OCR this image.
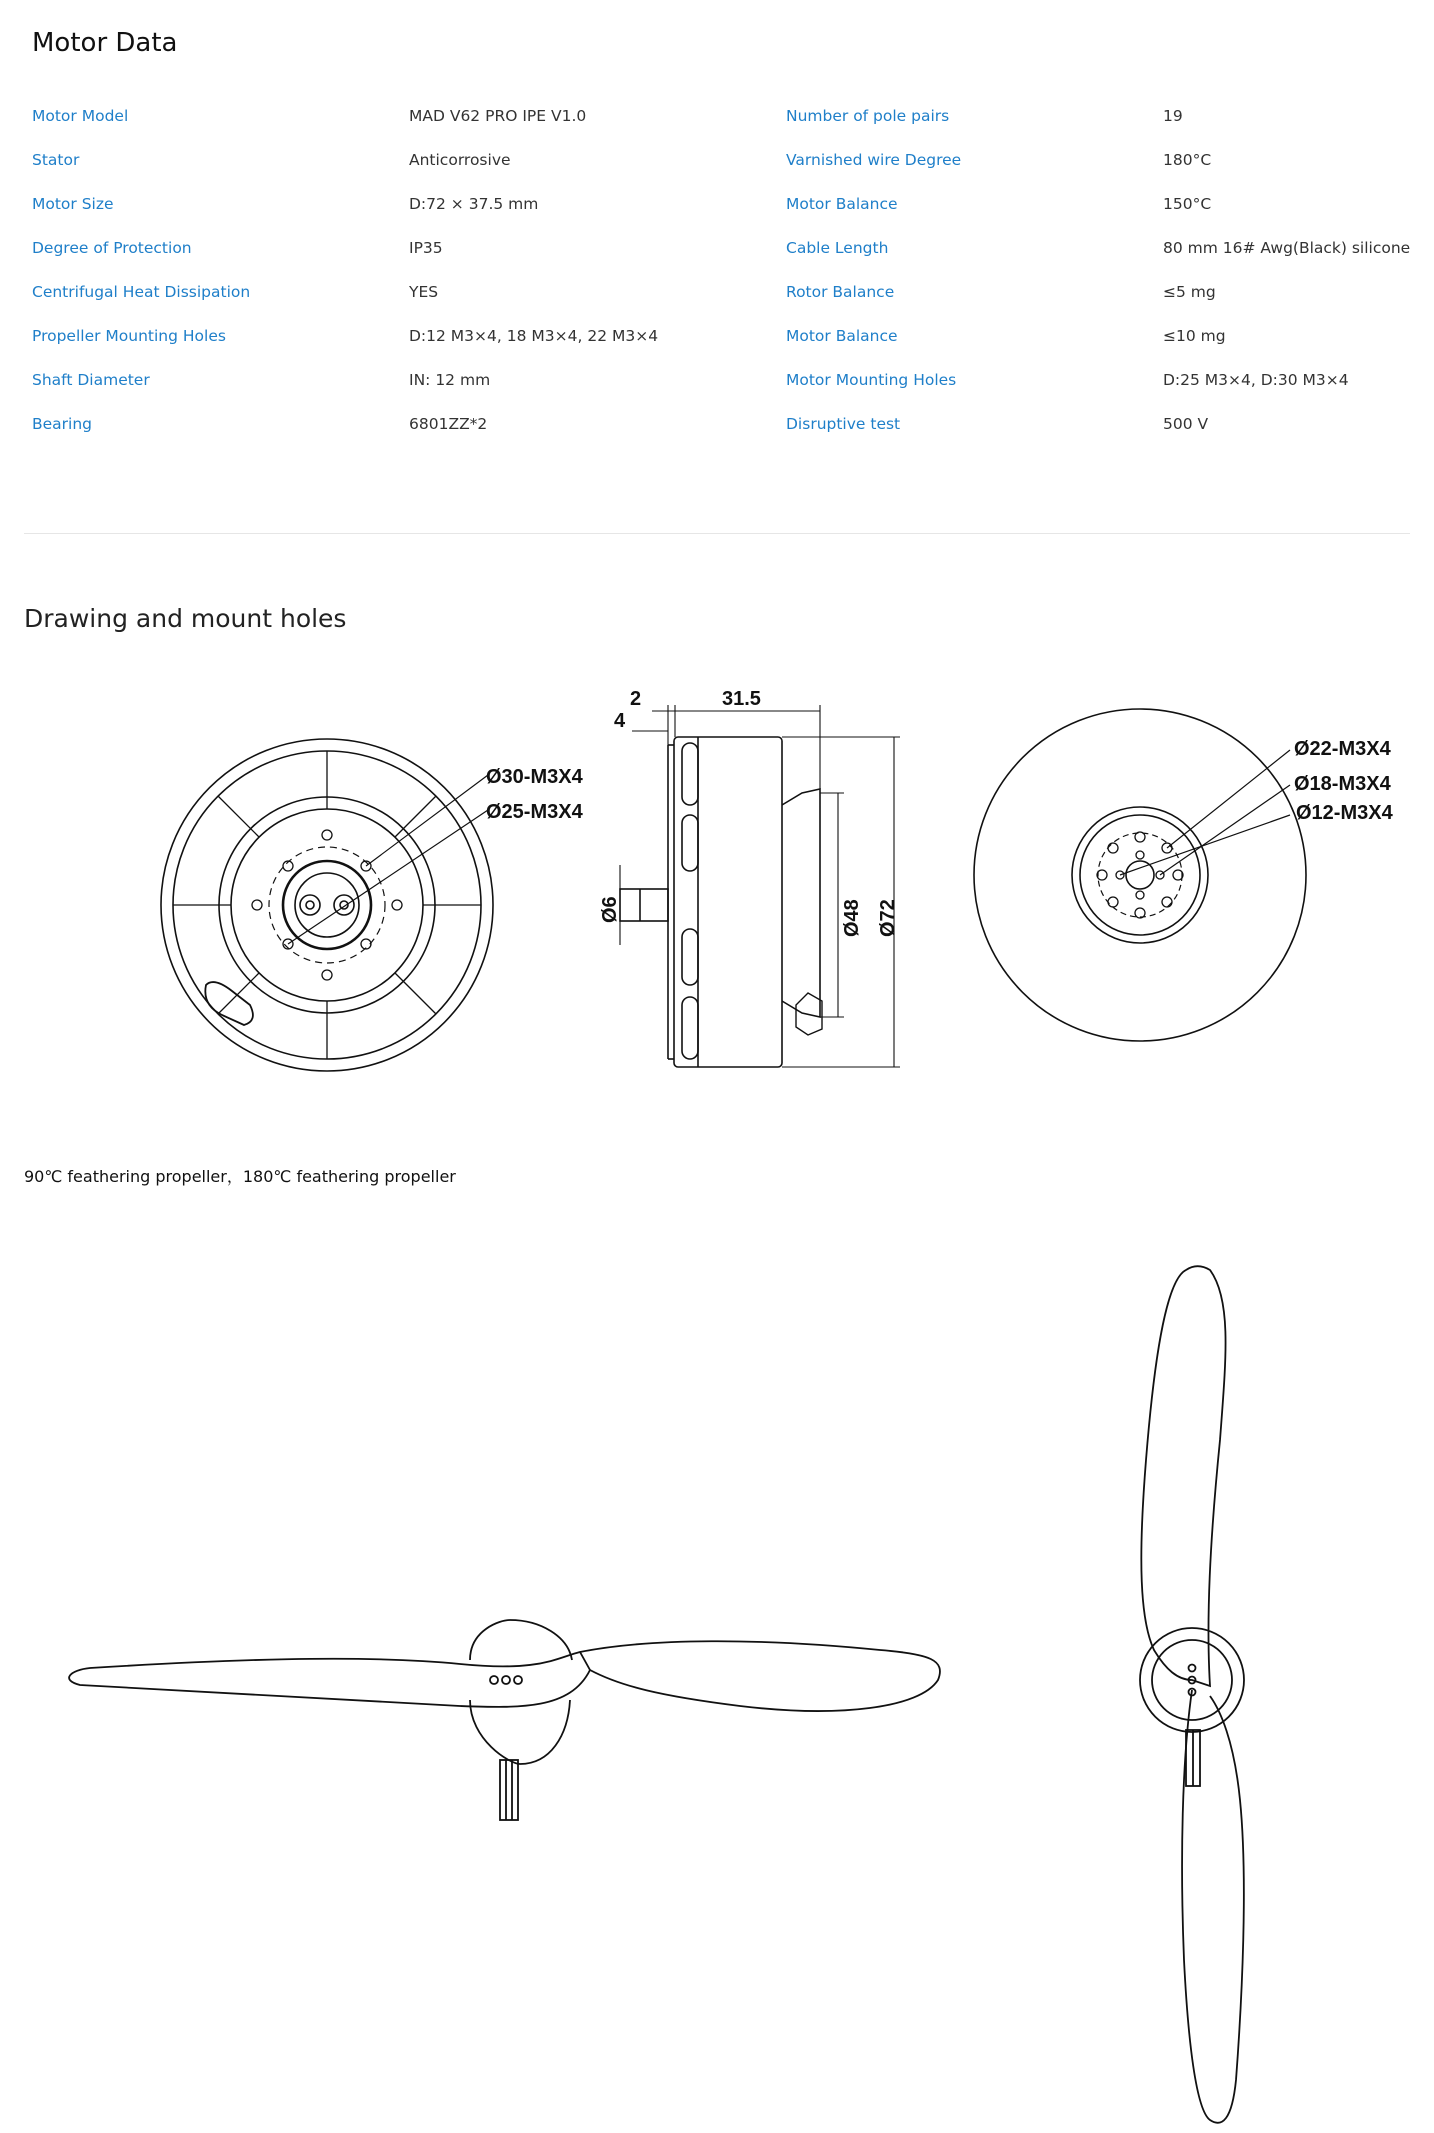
Motor Data
Motor Model	MAD V62 PRO IPE V1.0	Number of pole pairs	19
Stator	Anticorrosive	Varnished wire Degree	180°C
Motor Size	D:72 × 37.5 mm	Motor Balance	150°C
Degree of Protection	IP35	Cable Length	80 mm 16# Awg(Black) silicone
Centrifugal Heat Dissipation	YES	Rotor Balance	≤5 mg
Propeller Mounting Holes	D:12 M3×4, 18 M3×4, 22 M3×4	Motor Balance	≤10 mg
Shaft Diameter	IN: 12 mm	Motor Mounting Holes	D:25 M3×4, D:30 M3×4
Bearing	6801ZZ*2	Disruptive test	500 V
Drawing and mount holes
Ø30-M3X4
Ø25-M3X4
2	31.5
4
Ø6	Ø48 Ø72
Ø22-M3X4
Ø18-M3X4
Ø12-M3X4
90℃ feathering propeller，180℃ feathering propeller
